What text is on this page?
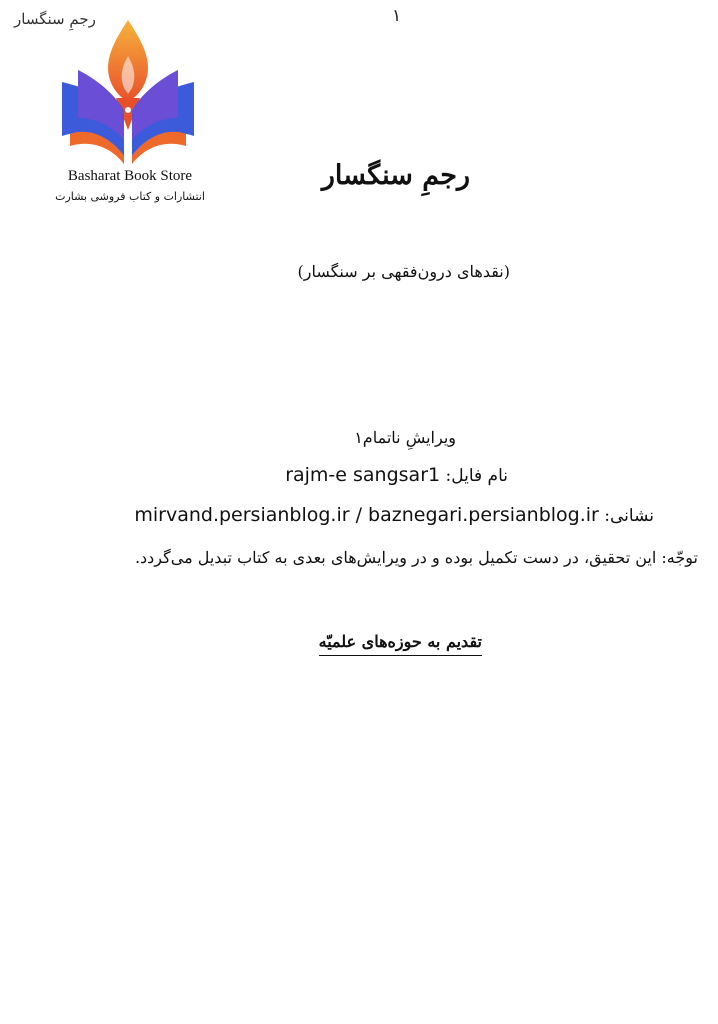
رجمِ سنگسار	۱
Basharat Book Store
انتشارات و کتاب فروشی بشارت
رجمِ سنگسار
(نقدهای درون‌فقهی بر سنگسار)
ویرایشِ ناتمام۱
نام فایل: rajm-e sangsar1
نشانی: mirvand.persianblog.ir / baznegari.persianblog.ir
توجّه: این تحقیق، در دست تکمیل بوده و در ویرایش‌های بعدی به کتاب تبدیل می‌گردد.
تقدیم به حوزه‌های علمیّه
